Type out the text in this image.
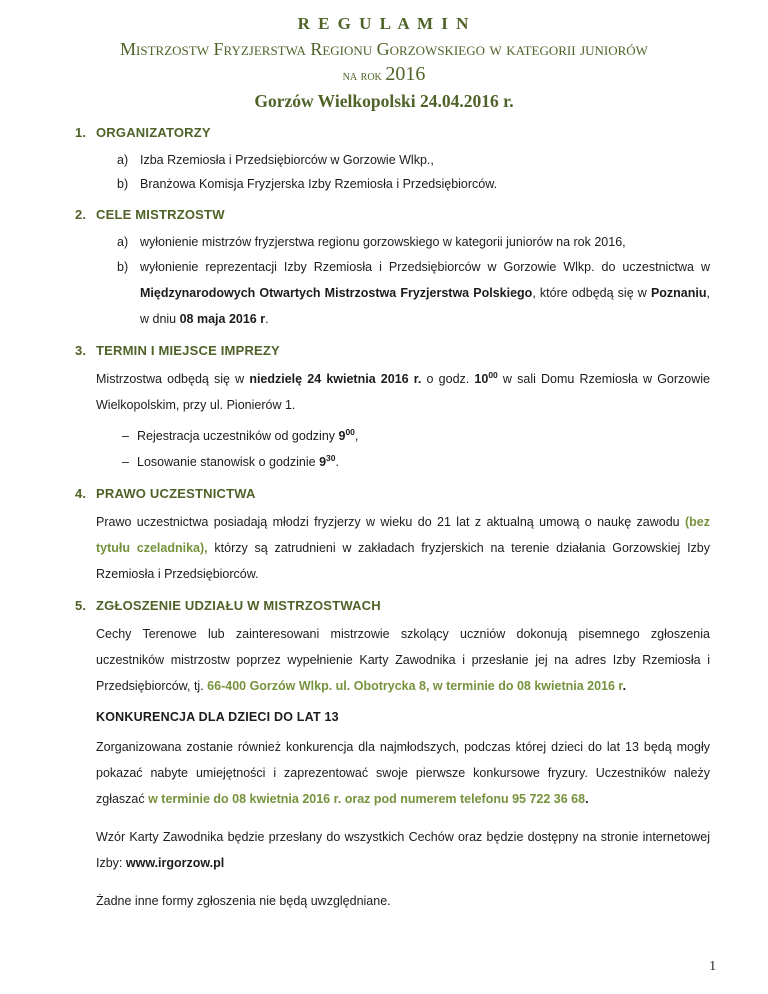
R E G U L A M I N
Mistrzostw Fryzjerstwa Regionu Gorzowskiego w kategorii juniorów
na rok 2016
Gorzów Wielkopolski 24.04.2016 r.
1. ORGANIZATORZY
a) Izba Rzemiosła i Przedsiębiorców w Gorzowie Wlkp.,
b) Branżowa Komisja Fryzjerska Izby Rzemiosła i Przedsiębiorców.
2. CELE MISTRZOSTW
a) wyłonienie mistrzów fryzjerstwa regionu gorzowskiego w kategorii juniorów na rok 2016,
b) wyłonienie reprezentacji Izby Rzemiosła i Przedsiębiorców w Gorzowie Wlkp. do uczestnictwa w Międzynarodowych Otwartych Mistrzostwa Fryzjerstwa Polskiego, które odbędą się w Poznaniu, w dniu 08 maja 2016 r.
3. TERMIN I MIEJSCE IMPREZY

Mistrzostwa odbędą się w niedzielę 24 kwietnia 2016 r. o godz. $10^{00}$ w sali Domu Rzemiosła w Gorzowie Wielkopolskim, przy ul. Pionierów 1.

– Rejestracja uczestników od godziny $9^{00}$,
– Losowanie stanowisk o godzinie $9^{30}$.
4. PRAWO UCZESTNICTWA

Prawo uczestnictwa posiadają młodzi fryzjerzy w wieku do 21 lat z aktualną umową o naukę zawodu (bez tytułu czeladnika), którzy są zatrudnieni w zakładach fryzjerskich na terenie działania Gorzowskiej Izby Rzemiosła i Przedsiębiorców.

5. ZGŁOSZENIE UDZIAŁU W MISTRZOSTWACH

Cechy Terenowe lub zainteresowani mistrzowie szkolący uczniów dokonują pisemnego zgłoszenia uczestników mistrzostw poprzez wypełnienie Karty Zawodnika i przesłanie jej na adres Izby Rzemiosła i Przedsiębiorców, tj. 66-400 Gorzów Wlkp. ul. Obotrycka 8, w terminie do 08 kwietnia 2016 r.

KONKURENCJA DLA DZIECI DO LAT 13

Zorganizowana zostanie również konkurencja dla najmłodszych, podczas której dzieci do lat 13 będą mogły pokazać nabyte umiejętności i zaprezentować swoje pierwsze konkursowe fryzury. Uczestników należy zgłaszać w terminie do 08 kwietnia 2016 r. oraz pod numerem telefonu 95 722 36 68.

Wzór Karty Zawodnika będzie przesłany do wszystkich Cechów oraz będzie dostępny na stronie internetowej Izby: www.irgorzow.pl

Żadne inne formy zgłoszenia nie będą uwzględniane.

1
